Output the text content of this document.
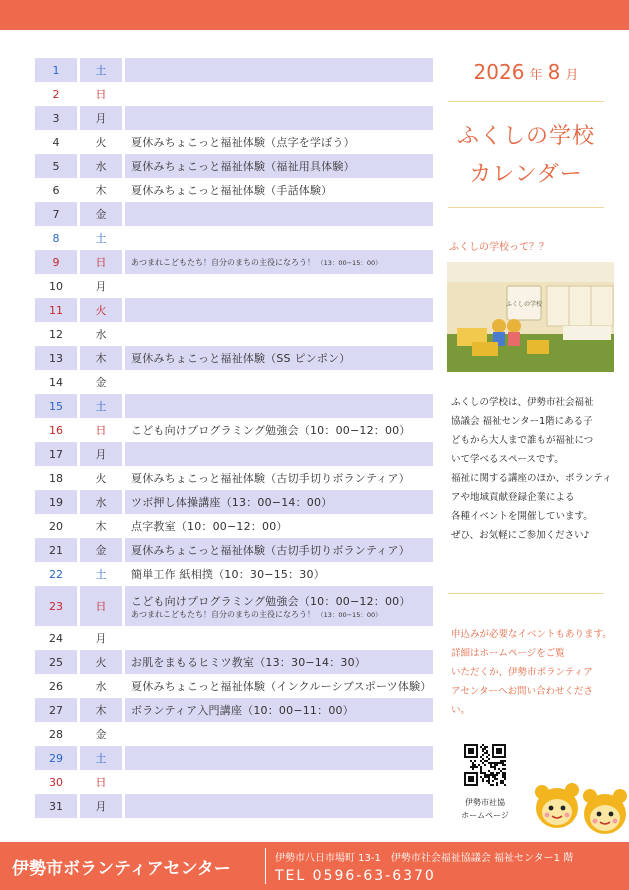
1	土
2	日
3	月
4	火	夏休みちょこっと福祉体験（点字を学ぼう）
5	水	夏休みちょこっと福祉体験（福祉用具体験）
6	木	夏休みちょこっと福祉体験（手話体験）
7	金
8	土
9	日	あつまれこどもたち！自分のまちの主役になろう！ （13：00−15：00）
10	月
11	火
12	水
13	木	夏休みちょこっと福祉体験（SS ピンポン）
14	金
15	土
16	日	こども向けプログラミング勉強会（10：00−12：00）
17	月
18	火	夏休みちょこっと福祉体験（古切手切りボランティア）
19	水	ツボ押し体操講座（13：00−14：00）
20	木	点字教室（10：00−12：00）
21	金	夏休みちょこっと福祉体験（古切手切りボランティア）
22	土	簡単工作 紙相撲（10：30−15：30）
23	日	こども向けプログラミング勉強会（10：00−12：00）
あつまれこどもたち！自分のまちの主役になろう！ （13：00−15：00）
24	月
25	火	お肌をまもるヒミツ教室（13：30−14：30）
26	水	夏休みちょこっと福祉体験（インクルーシブスポーツ体験）
27	木	ボランティア入門講座（10：00−11：00）
28	金
29	土
30	日
31	月
2026 年 8 月
ふくしの学校
カレンダー
ふくしの学校って？？
ふくしの学校
ふくしの学校は、伊勢市社会福祉
協議会 福祉センター1階にある子
どもから大人まで誰もが福祉につ
いて学べるスペースです。
福祉に関する講座のほか、ボランティアや地域貢献登録企業による
各種イベントを開催しています。
ぜひ、お気軽にご参加ください♪
申込みが必要なイベントもあります。詳細はホームページをご覧
いただくか、伊勢市ボランティア
アセンターへお問い合わせくださ
い。
伊勢市社協
ホームページ
伊勢市ボランティアセンター
伊勢市八日市場町 13-1　伊勢市社会福祉協議会 福祉センター1 階
TEL 0596-63-6370
